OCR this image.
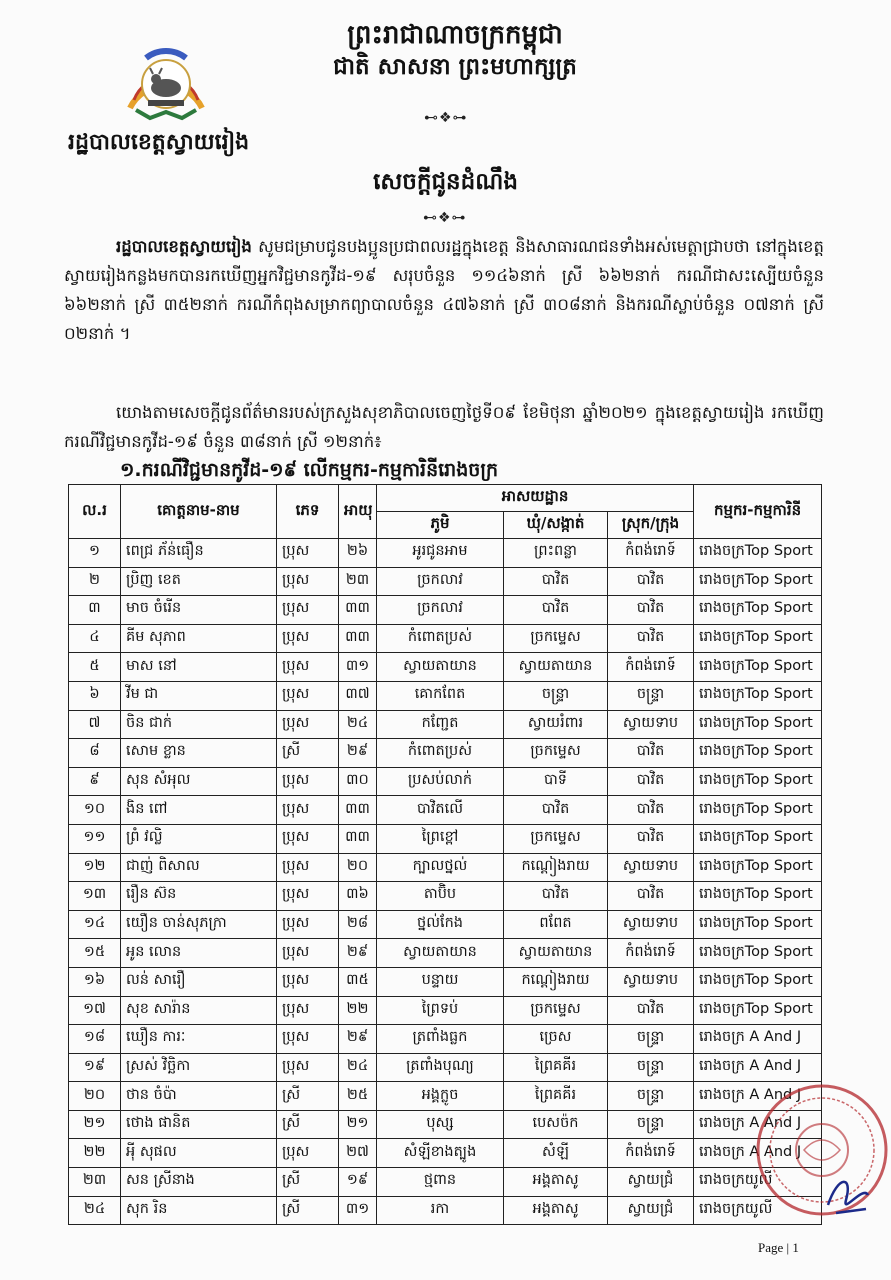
ព្រះរាជាណាចក្រកម្ពុជា
ជាតិ សាសនា ព្រះមហាក្សត្រ
⊷❖⊶
រដ្ឋបាលខេត្តស្វាយរៀង
សេចក្តីជូនដំណឹង
⊷❖⊶
រដ្ឋបាលខេត្តស្វាយរៀង សូមជម្រាបជូនបងប្អូនប្រជាពលរដ្ឋក្នុងខេត្ត និងសាធារណជនទាំងអស់មេត្តាជ្រាបថា នៅក្នុងខេត្តស្វាយរៀងកន្លងមកបានរកឃើញអ្នកវិជ្ជមានកូវីដ-១៩ សរុបចំនួន ១១៤៦នាក់ ស្រី ៦៦២នាក់ ករណីជាសះស្បើយចំនួន ៦៦២នាក់ ស្រី ៣៥២នាក់ ករណីកំពុងសម្រាកព្យាបាលចំនួន ៤៧៦នាក់ ស្រី ៣០៨នាក់ និងករណីស្លាប់ចំនួន ០៧នាក់ ស្រី ០២នាក់ ។
យោងតាមសេចក្តីជូនព័ត៌មានរបស់ក្រសួងសុខាភិបាលចេញថ្ងៃទី០៩ ខែមិថុនា ឆ្នាំ២០២១ ក្នុងខេត្តស្វាយរៀង រកឃើញករណីវិជ្ជមានកូវីដ-១៩ ចំនួន ៣៨នាក់ ស្រី ១២នាក់៖
១.ករណីវិជ្ជមានកូវីដ-១៩ លើកម្មករ-កម្មការិនីរោងចក្រ
ល.រ	គោត្តនាម-នាម	ភេទ	អាយុ	អាសយដ្ឋាន			កម្មករ-កម្មការិនី
				ភូមិ	ឃុំ/សង្កាត់	ស្រុក/ក្រុង	
១	ពេជ្រ ភ័ន់ធឿន	ប្រុស	២៦	អូរជូនអាម	ព្រះពន្លា	កំពង់រោទ៍	រោងចក្រTop Sport
២	ប្រិញ ខេត	ប្រុស	២៣	ច្រកលាវ	បាវិត	បាវិត	រោងចក្រTop Sport
៣	មាច ចំរើន	ប្រុស	៣៣	ច្រកលាវ	បាវិត	បាវិត	រោងចក្រTop Sport
៤	គីម សុភាព	ប្រុស	៣៣	កំពោតប្រស់	ច្រកម្ទេស	បាវិត	រោងចក្រTop Sport
៥	មាស នៅ	ប្រុស	៣១	ស្វាយតាយាន	ស្វាយតាយាន	កំពង់រោទ៍	រោងចក្រTop Sport
៦	វីម ជា	ប្រុស	៣៧	គោកពែត	ចន្ទ្រា	ចន្ទ្រា	រោងចក្រTop Sport
៧	ចិន ជាក់	ប្រុស	២៤	កញ្ជែត	ស្វាយរំពារ	ស្វាយទាប	រោងចក្រTop Sport
៨	សោម ខ្លាន	ស្រី	២៩	កំពោតប្រស់	ច្រកម្ទេស	បាវិត	រោងចក្រTop Sport
៩	សុន សំអុល	ប្រុស	៣០	ប្រសប់លាក់	បាទី	បាវិត	រោងចក្រTop Sport
១០	ងិន ពៅ	ប្រុស	៣៣	បាវិតលើ	បាវិត	បាវិត	រោងចក្រTop Sport
១១	ព្រំ វល្លិ	ប្រុស	៣៣	ព្រៃខ្ពៅ	ច្រកម្ទេស	បាវិត	រោងចក្រTop Sport
១២	ជាញ់ ពិសាល	ប្រុស	២០	ក្បាលថ្នល់	កណ្តៀងរាយ	ស្វាយទាប	រោងចក្រTop Sport
១៣	រឿន ស៊ន	ប្រុស	៣៦	តាប៊ិប	បាវិត	បាវិត	រោងចក្រTop Sport
១៤	យឿន ចាន់សុភក្រា	ប្រុស	២៨	ថ្នល់កែង	ពពែត	ស្វាយទាប	រោងចក្រTop Sport
១៥	អូន លោន	ប្រុស	២៩	ស្វាយតាយាន	ស្វាយតាយាន	កំពង់រោទ៍	រោងចក្រTop Sport
១៦	លន់ សារឿ	ប្រុស	៣៥	បន្ទាយ	កណ្តៀងរាយ	ស្វាយទាប	រោងចក្រTop Sport
១៧	សុខ សារ៉ាន	ប្រុស	២២	ព្រៃទប់	ច្រកម្ទេស	បាវិត	រោងចក្រTop Sport
១៨	ឃឿន ការៈ	ប្រុស	២៩	ត្រពាំងធ្លក	ច្រេស	ចន្ទ្រា	រោងចក្រ A And J
១៩	ស្រស់ វិច្ឆិកា	ប្រុស	២៤	ត្រពាំងបុណ្យ	ព្រៃគគីរ	ចន្ទ្រា	រោងចក្រ A And J
២០	ថាន ចំប៉ា	ស្រី	២៥	អង្គក្លូច	ព្រៃគគីរ	ចន្ទ្រា	រោងចក្រ A And J
២១	ថោង ផានិត	ស្រី	២១	បុស្ស	បេសច៉ក	ចន្ទ្រា	រោងចក្រ A And J
២២	អុី សុផល	ប្រុស	២៧	សំឡីខាងត្បូង	សំឡី	កំពង់រោទ៍	រោងចក្រ A And J
២៣	សន ស្រីនាង	ស្រី	១៩	ថ្មពាន	អង្គតាសូ	ស្វាយជ្រំ	រោងចក្រយូលី
២៤	សុក រិន	ស្រី	៣១	រកា	អង្គតាសូ	ស្វាយជ្រំ	រោងចក្រយូលី
Page | 1
